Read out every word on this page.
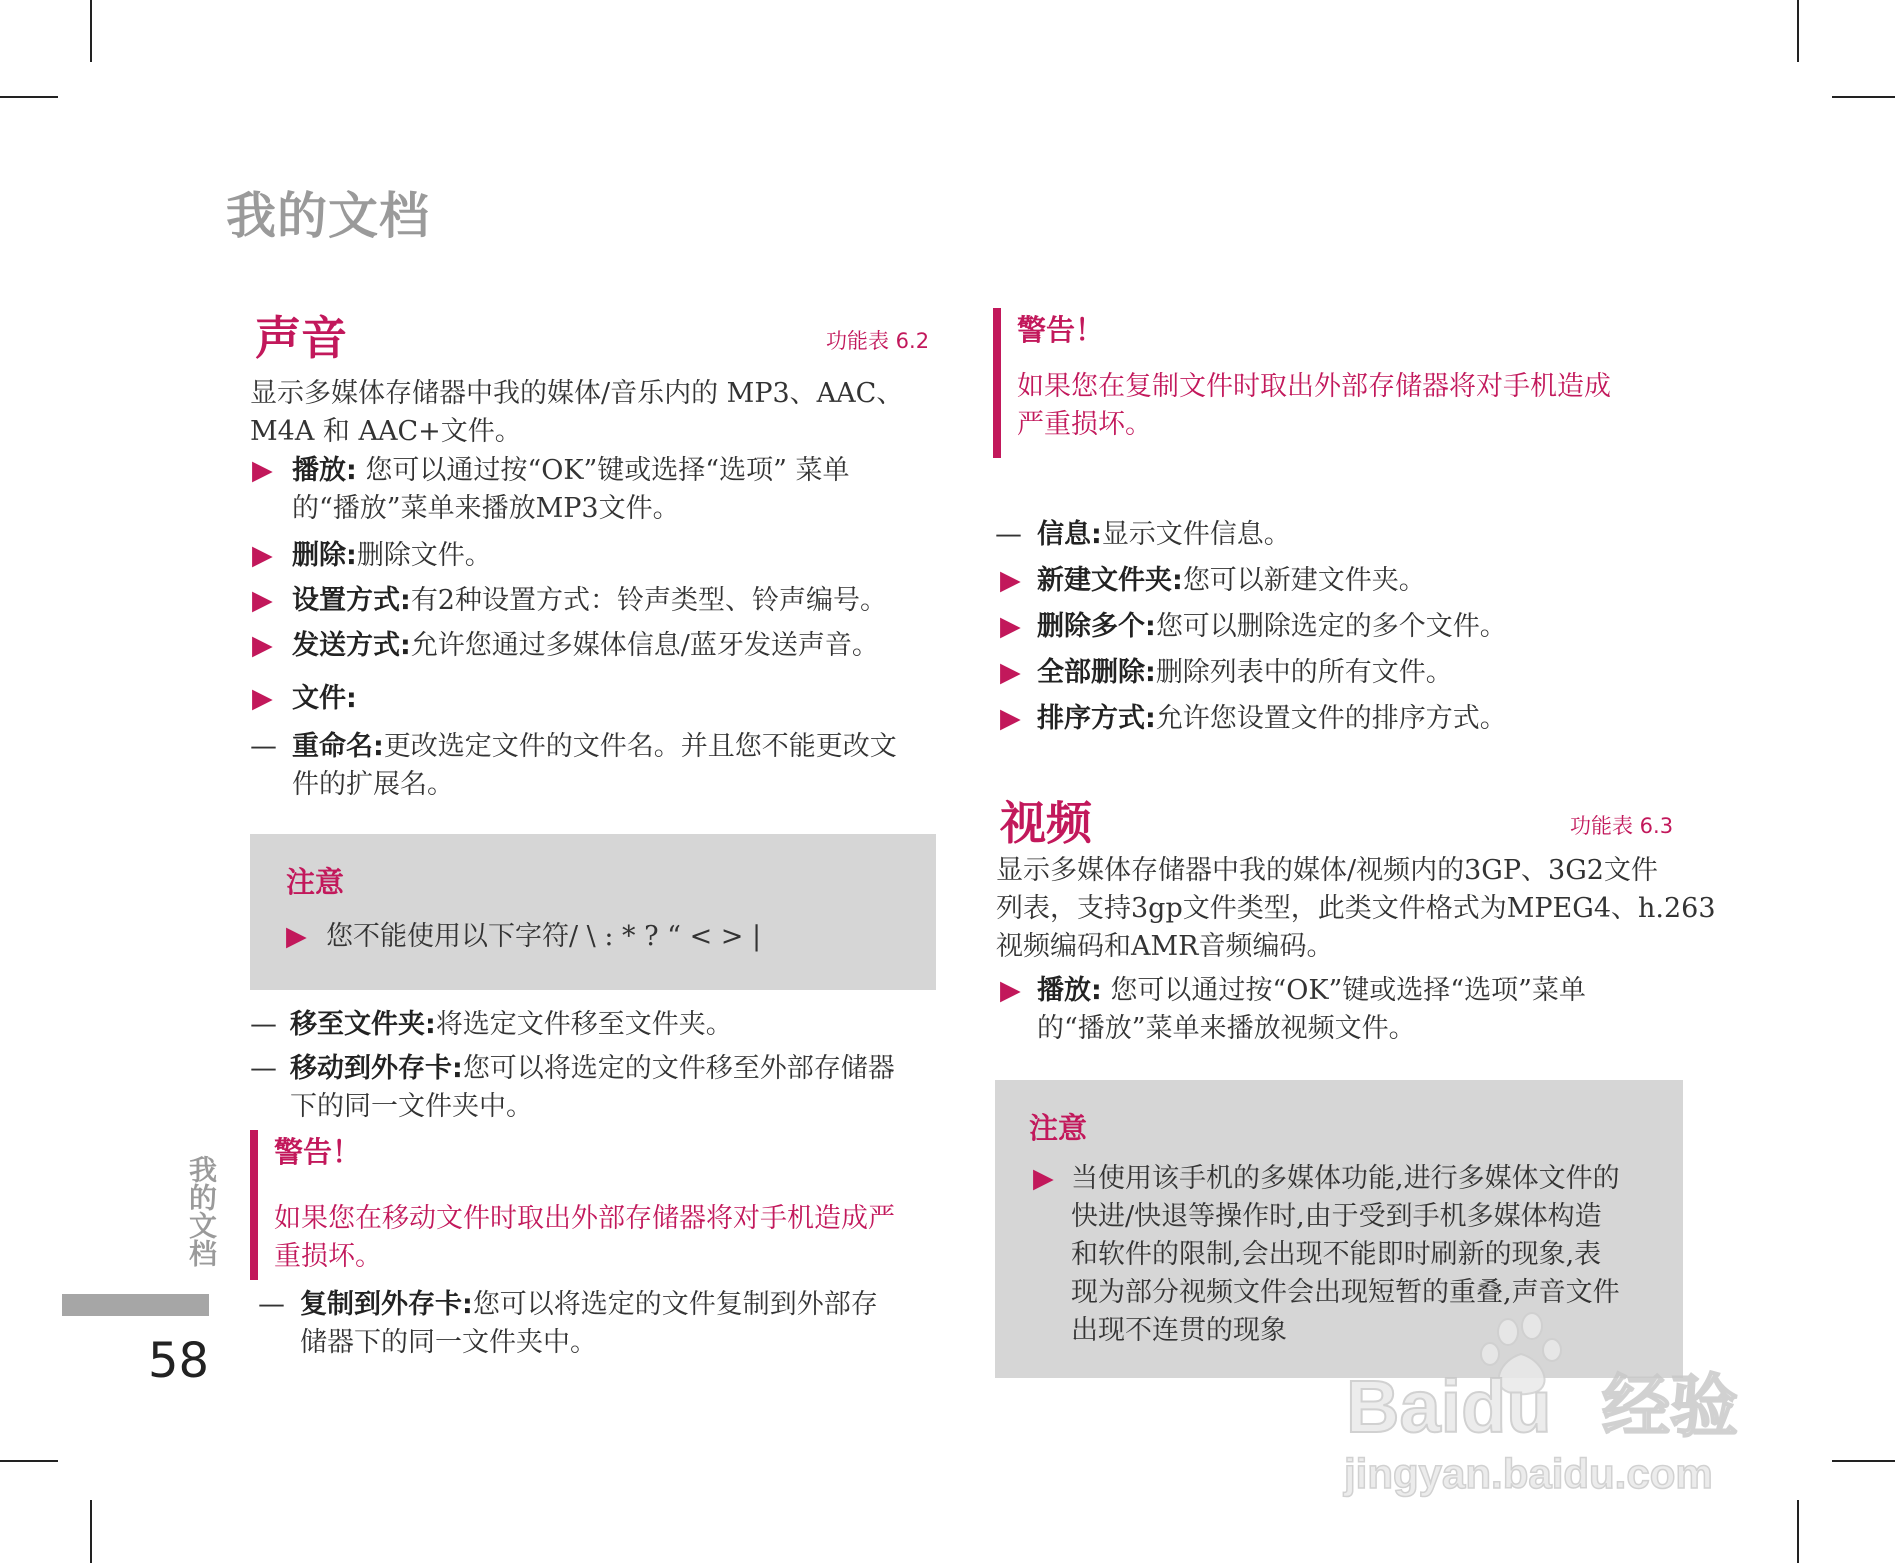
我的文档
声音	功能表 6.2

显示多媒体存储器中我的媒体/音乐内的 MP3、AAC、
M4A 和 AAC+文件。

▶ 播放: 您可以通过按“OK”键或选择“选项” 菜单
的“播放”菜单来播放MP3文件。
▶ 删除:删除文件。
▶ 设置方式:有2种设置方式：铃声类型、铃声编号。
▶ 发送方式:允许您通过多媒体信息/蓝牙发送声音。
▶ 文件:
— 重命名:更改选定文件的文件名。并且您不能更改文
件的扩展名。
注意
▶ 您不能使用以下字符/ \ : * ? “ < > |
— 移至文件夹:将选定文件移至文件夹。
— 移动到外存卡:您可以将选定的文件移至外部存储器
下的同一文件夹中。
警告！
如果您在移动文件时取出外部存储器将对手机造成严
重损坏。
— 复制到外存卡:您可以将选定的文件复制到外部存
储器下的同一文件夹中。
我的文档
58
警告！
如果您在复制文件时取出外部存储器将对手机造成
严重损坏。
— 信息:显示文件信息。
▶ 新建文件夹:您可以新建文件夹。
▶ 删除多个:您可以删除选定的多个文件。
▶ 全部删除:删除列表中的所有文件。
▶ 排序方式:允许您设置文件的排序方式。
视频	功能表 6.3

显示多媒体存储器中我的媒体/视频内的3GP、3G2文件
列表，支持3gp文件类型，此类文件格式为MPEG4、h.263
视频编码和AMR音频编码。

▶ 播放: 您可以通过按“OK”键或选择“选项”菜单
的“播放”菜单来播放视频文件。
注意
▶ 当使用该手机的多媒体功能,进行多媒体文件的
快进/快退等操作时,由于受到手机多媒体构造
和软件的限制,会出现不能即时刷新的现象,表
现为部分视频文件会出现短暂的重叠,声音文件
出现不连贯的现象
Baidu 经验
jingyan.baidu.com
